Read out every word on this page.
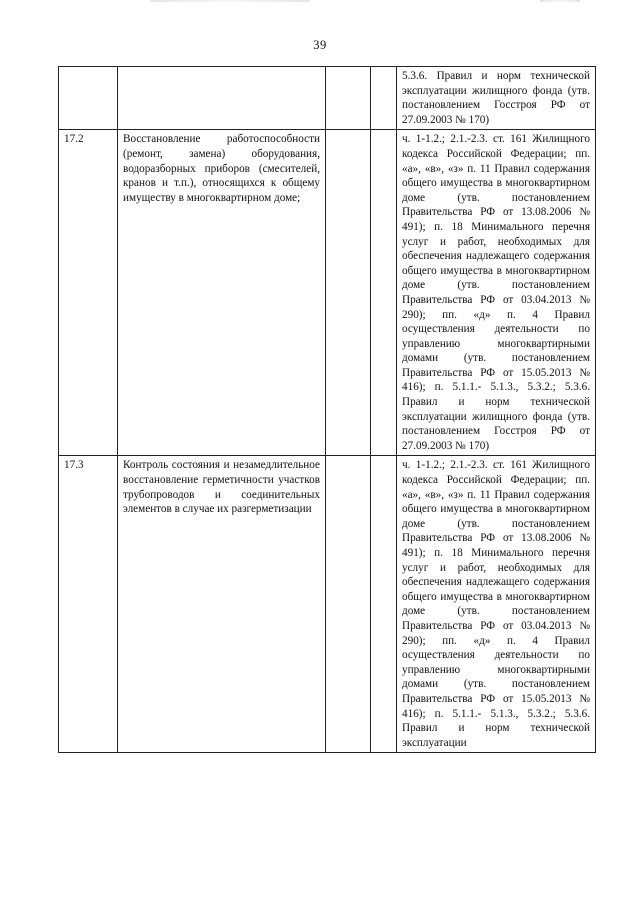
39
				5.3.6. Правил и норм технической эксплуатации жилищного фонда (утв. постановлением Госстроя РФ от 27.09.2003 № 170)
17.2	Восстановление работоспособности (ремонт, замена) оборудования, водоразборных приборов (смесителей, кранов и т.п.), относящихся к общему имуществу в многоквартирном доме;			ч. 1-1.2.; 2.1.-2.3. ст. 161 Жилищного кодекса Российской Федерации; пп. «а», «в», «з» п. 11 Правил содержания общего имущества в многоквартирном доме (утв. постановлением Правительства РФ от 13.08.2006 № 491); п. 18 Минимального перечня услуг и работ, необходимых для обеспечения надлежащего содержания общего имущества в многоквартирном доме (утв. постановлением Правительства РФ от 03.04.2013 № 290); пп. «д» п. 4 Правил осуществления деятельности по управлению многоквартирными домами (утв. постановлением Правительства РФ от 15.05.2013 № 416); п. 5.1.1.- 5.1.3., 5.3.2.; 5.3.6. Правил и норм технической эксплуатации жилищного фонда (утв. постановлением Госстроя РФ от 27.09.2003 № 170)
17.3	Контроль состояния и незамедлительное восстановление герметичности участков трубопроводов и соединительных элементов в случае их разгерметизации			ч. 1-1.2.; 2.1.-2.3. ст. 161 Жилищного кодекса Российской Федерации; пп. «а», «в», «з» п. 11 Правил содержания общего имущества в многоквартирном доме (утв. постановлением Правительства РФ от 13.08.2006 № 491); п. 18 Минимального перечня услуг и работ, необходимых для обеспечения надлежащего содержания общего имущества в многоквартирном доме (утв. постановлением Правительства РФ от 03.04.2013 № 290); пп. «д» п. 4 Правил осуществления деятельности по управлению многоквартирными домами (утв. постановлением Правительства РФ от 15.05.2013 № 416); п. 5.1.1.- 5.1.3., 5.3.2.; 5.3.6. Правил и норм технической эксплуатации
